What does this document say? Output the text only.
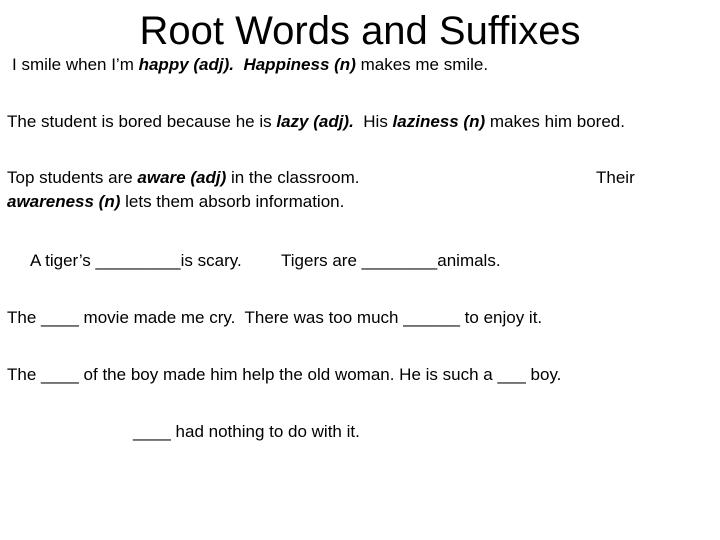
Root Words and Suffixes
I smile when I’m happy (adj). Happiness (n) makes me smile.
The student is bored because he is lazy (adj).  His laziness (n) makes him bored.
Top students are aware (adj) in the classroom.	Their
awareness (n) lets them absorb information.
A tiger’s _________is scary. Tigers are ________animals.
The ____ movie made me cry.  There was too much ______ to enjoy it.
The ____ of the boy made him help the old woman. He is such a ___ boy.
____ had nothing to do with it.
